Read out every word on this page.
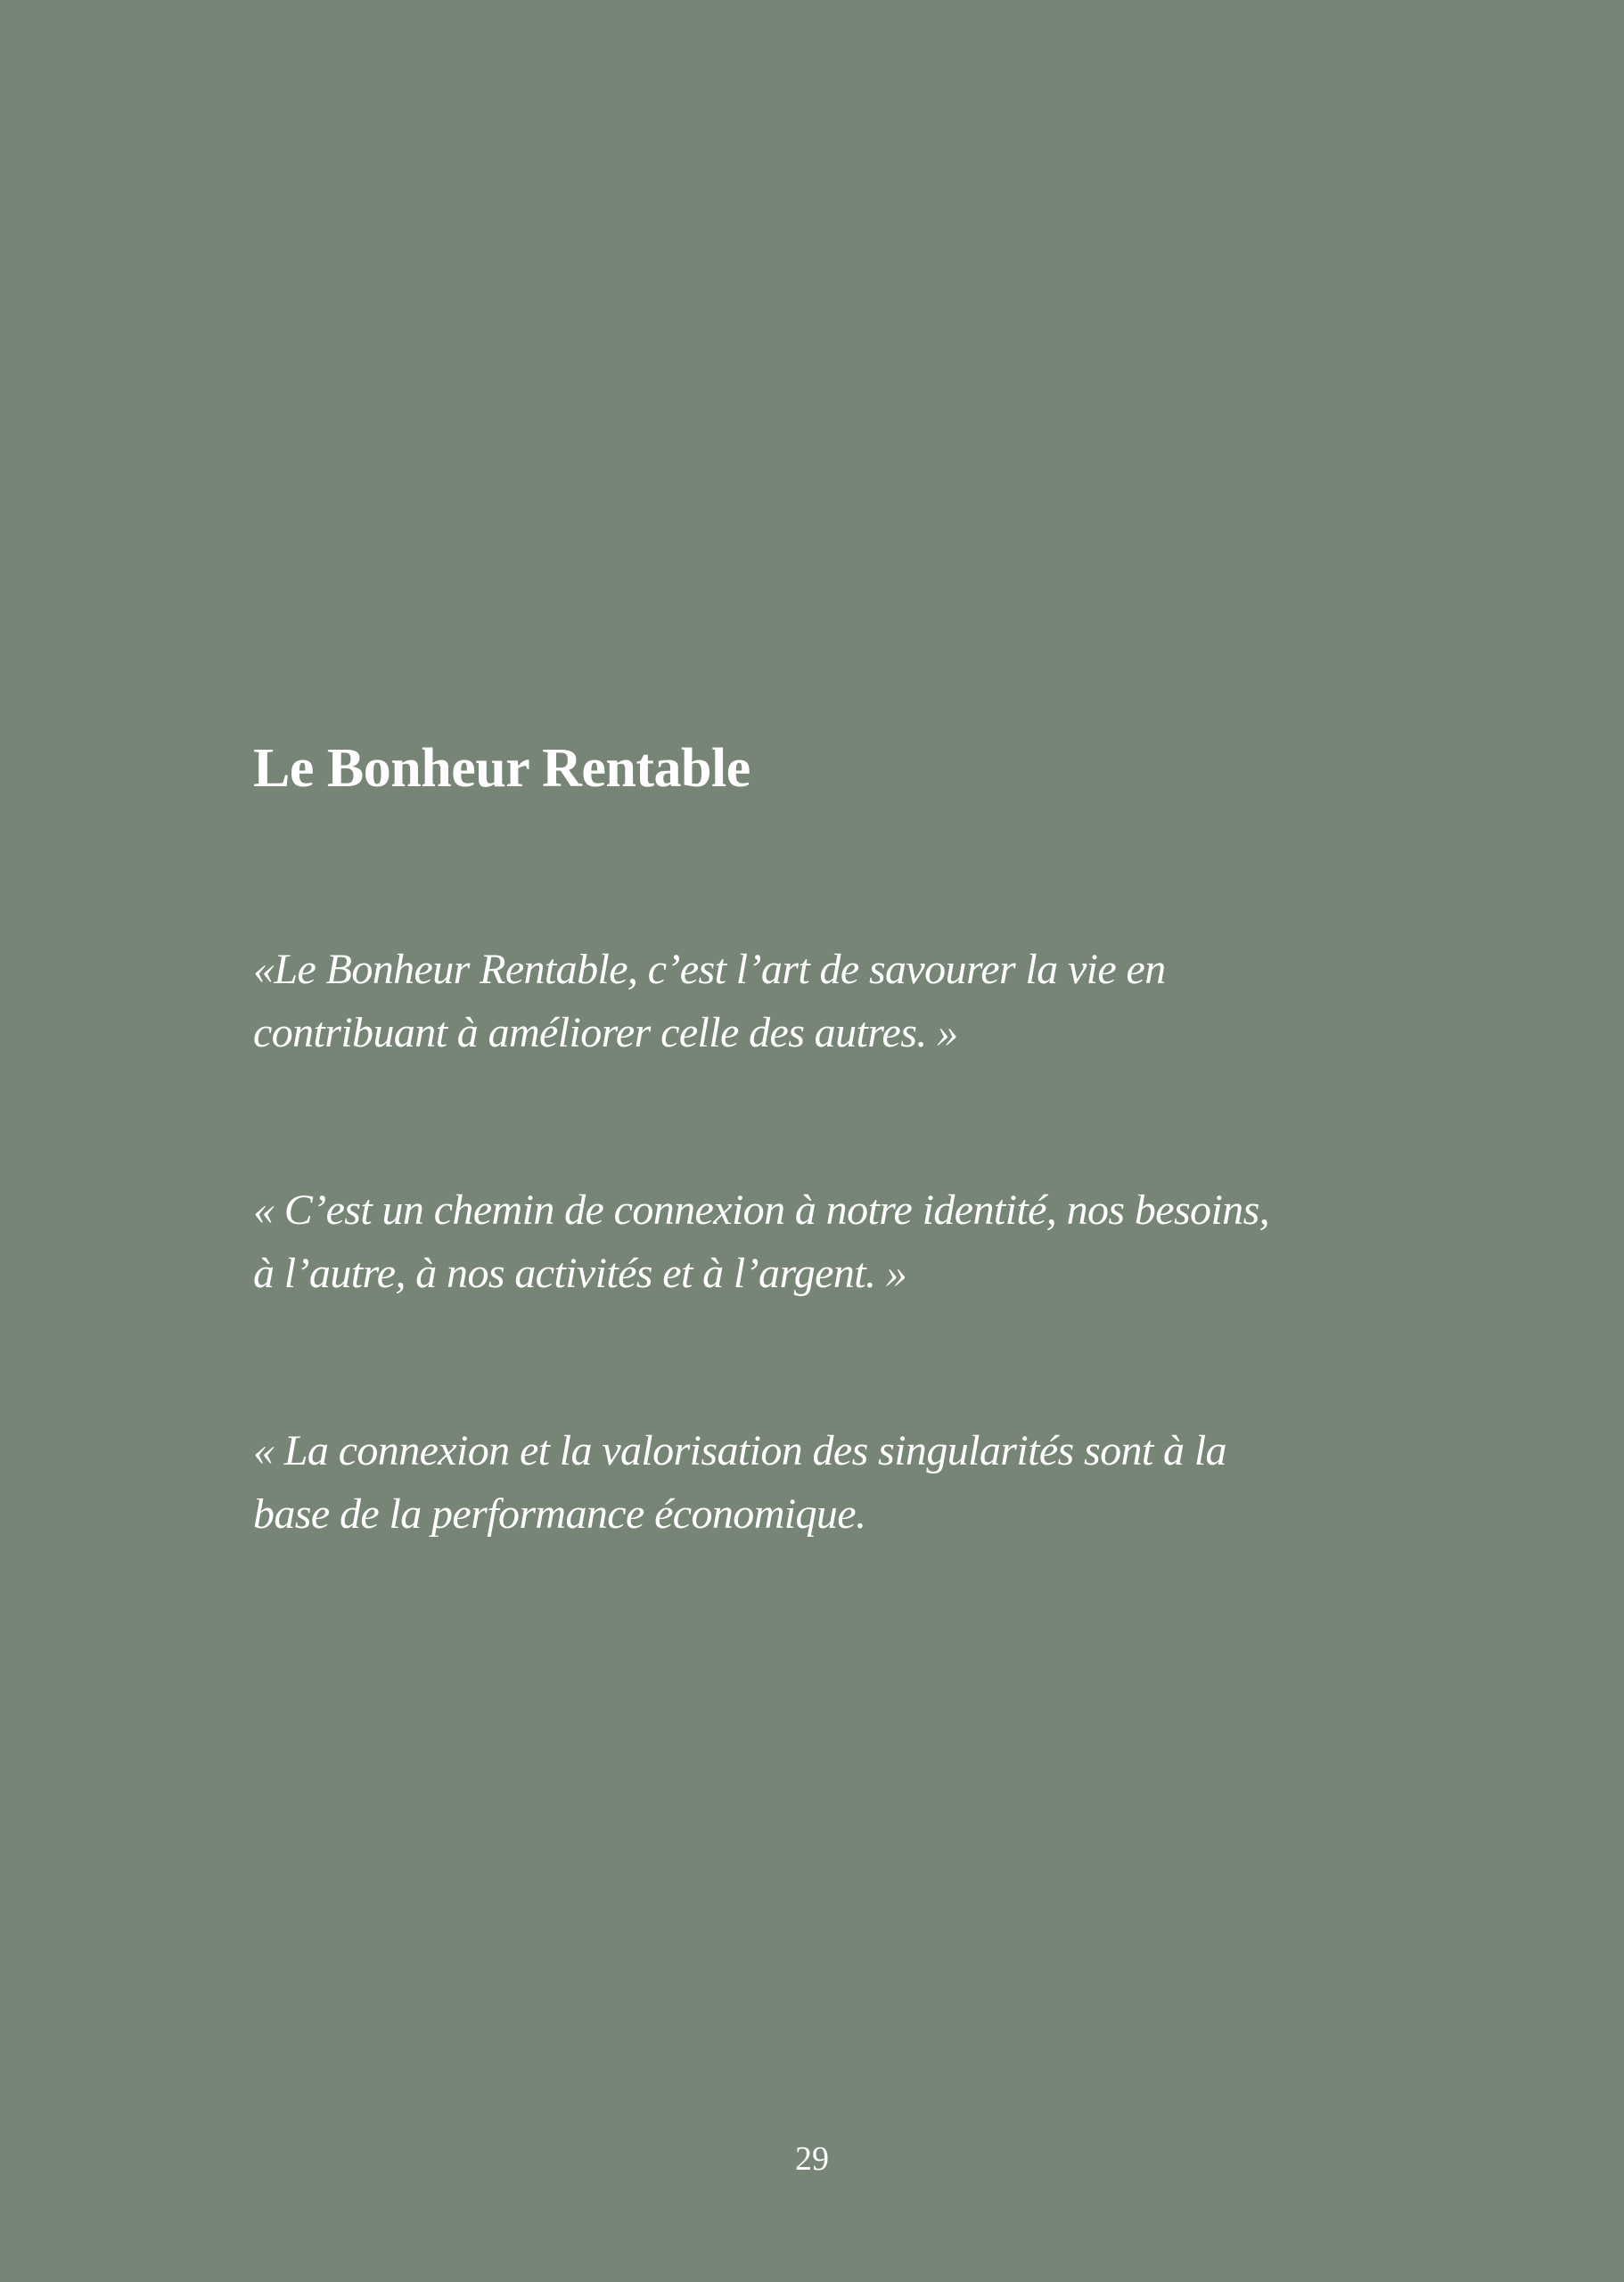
Le Bonheur Rentable

«Le Bonheur Rentable, c’est l’art de savourer la vie en
contribuant à améliorer celle des autres. »

« C’est un chemin de connexion à notre identité, nos besoins,
à l’autre, à nos activités et à l’argent. »

« La connexion et la valorisation des singularités sont à la
base de la performance économique.

29
